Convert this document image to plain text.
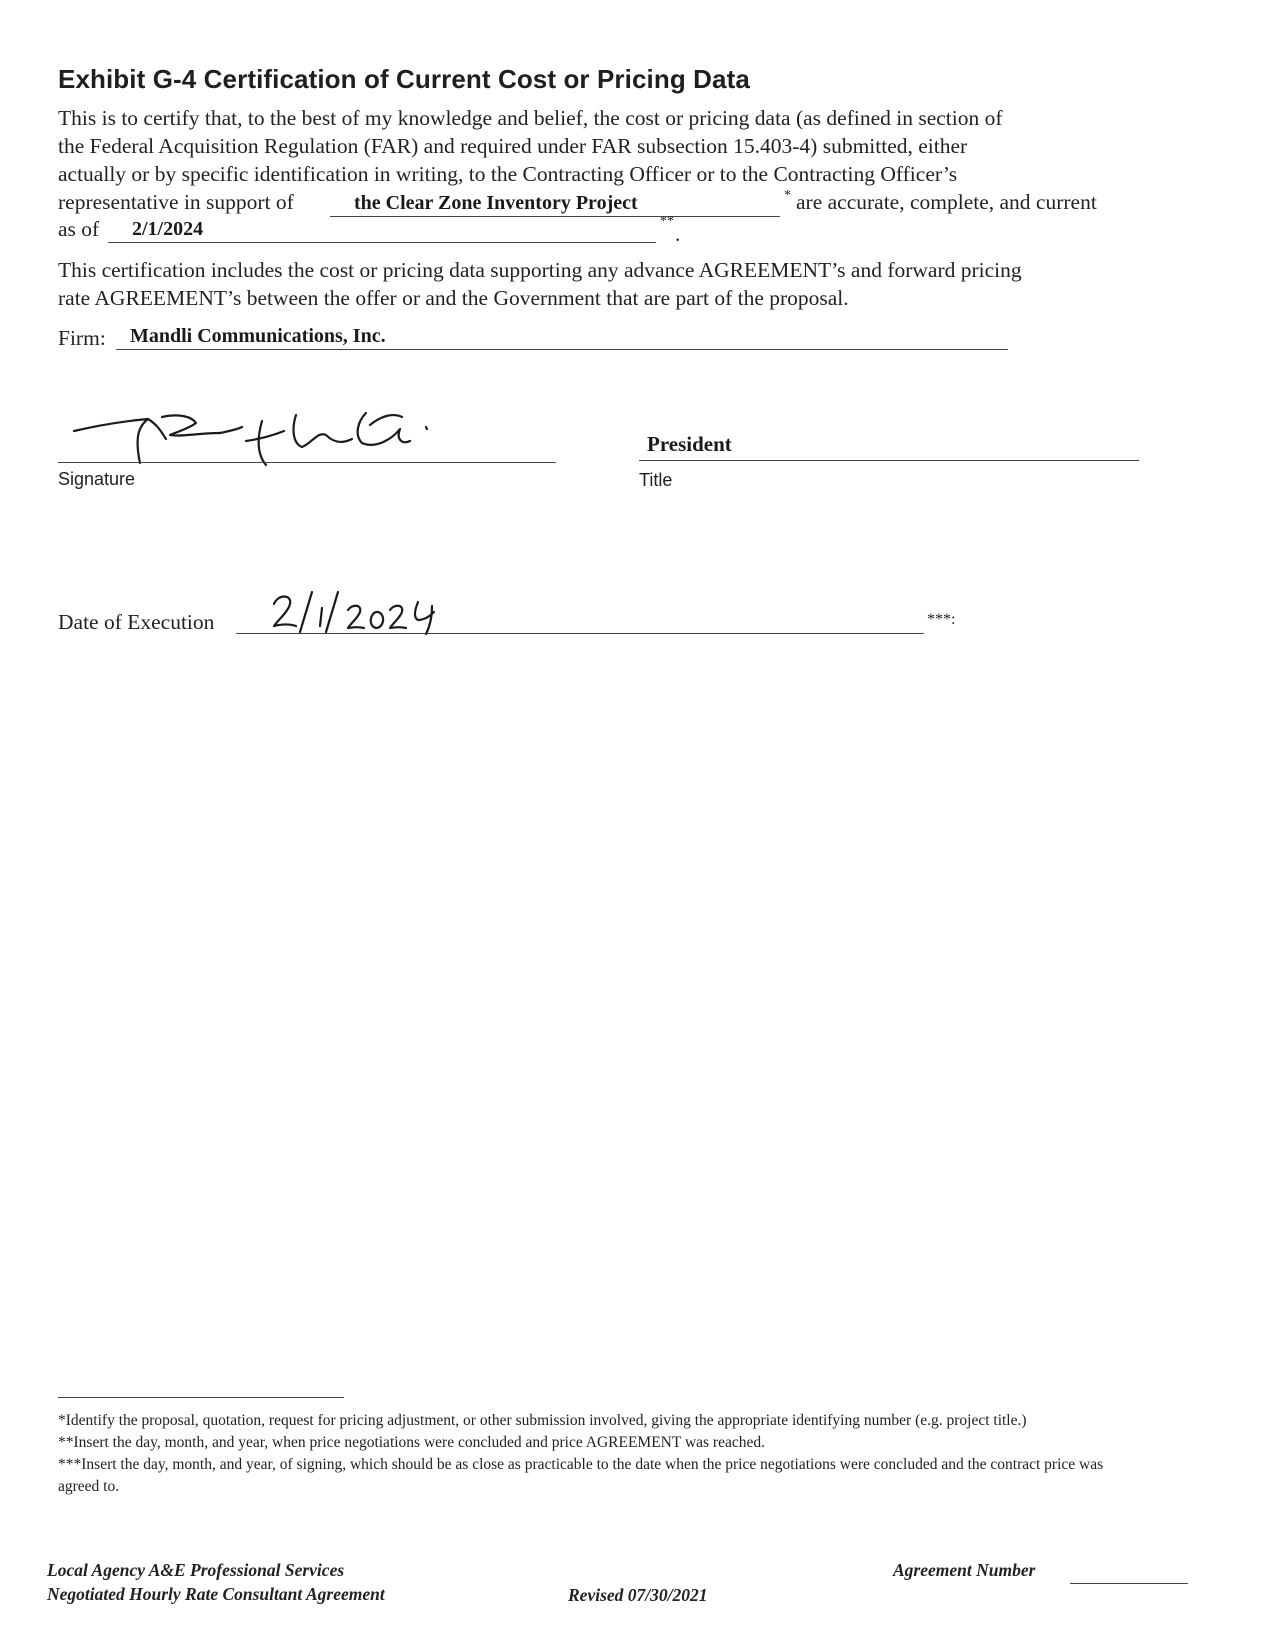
Exhibit G-4 Certification of Current Cost or Pricing Data
This is to certify that, to the best of my knowledge and belief, the cost or pricing data (as defined in section of
the Federal Acquisition Regulation (FAR) and required under FAR subsection 15.403-4) submitted, either
actually or by specific identification in writing, to the Contracting Officer or to the Contracting Officer’s
representative in support of	the Clear Zone Inventory Project	* are accurate, complete, and current
as of	2/1/2024	**
.
This certification includes the cost or pricing data supporting any advance AGREEMENT’s and forward pricing
rate AGREEMENT’s between the offer or and the Government that are part of the proposal.
Firm:	Mandli Communications, Inc.
Signature
President
Title
Date of Execution	***:
*Identify the proposal, quotation, request for pricing adjustment, or other submission involved, giving the appropriate identifying number (e.g. project title.)
**Insert the day, month, and year, when price negotiations were concluded and price AGREEMENT was reached.
***Insert the day, month, and year, of signing, which should be as close as practicable to the date when the price negotiations were concluded and the contract price was agreed to.
Local Agency A&E Professional Services
Negotiated Hourly Rate Consultant Agreement	Revised 07/30/2021
Agreement Number
